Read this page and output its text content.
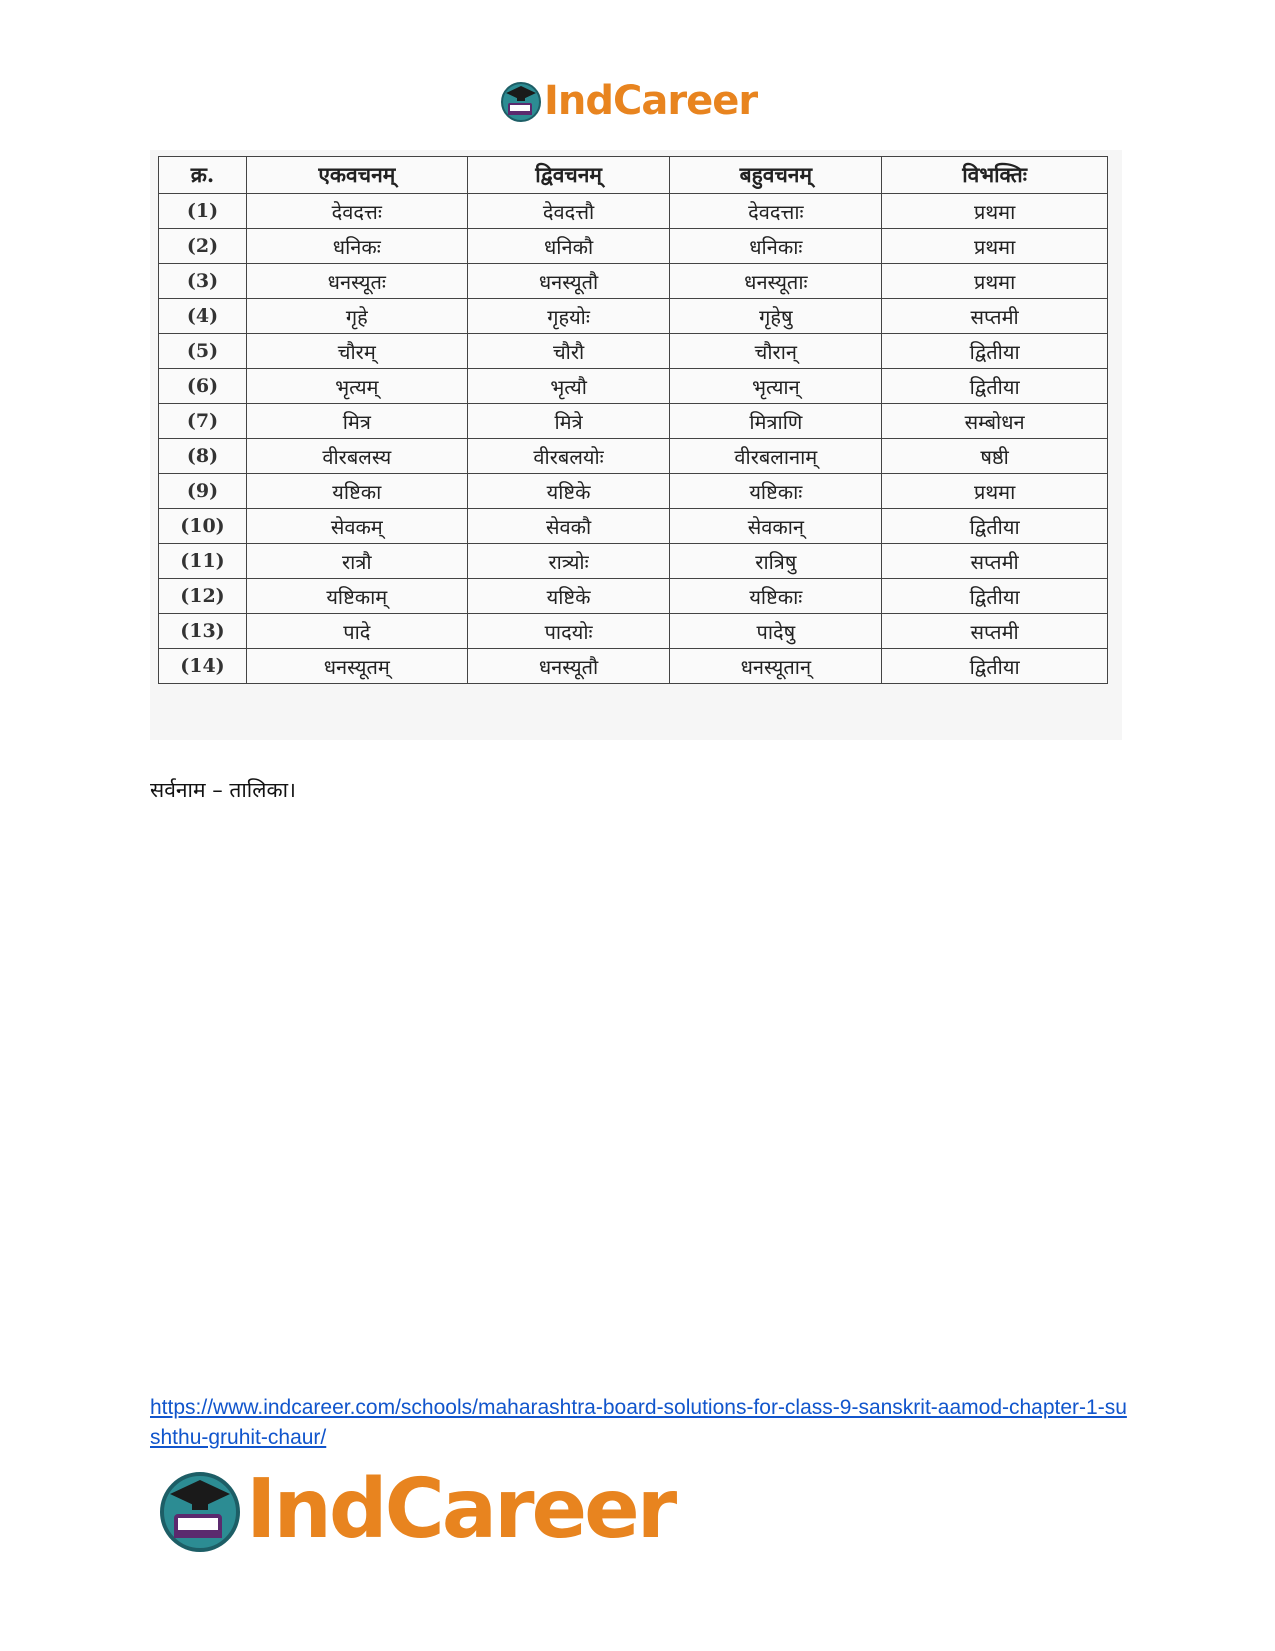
IndCareer
क्र.	एकवचनम्	द्विवचनम्	बहुवचनम्	विभक्तिः
(1)	देवदत्तः	देवदत्तौ	देवदत्ताः	प्रथमा
(2)	धनिकः	धनिकौ	धनिकाः	प्रथमा
(3)	धनस्यूतः	धनस्यूतौ	धनस्यूताः	प्रथमा
(4)	गृहे	गृहयोः	गृहेषु	सप्तमी
(5)	चौरम्	चौरौ	चौरान्	द्वितीया
(6)	भृत्यम्	भृत्यौ	भृत्यान्	द्वितीया
(7)	मित्र	मित्रे	मित्राणि	सम्बोधन
(8)	वीरबलस्य	वीरबलयोः	वीरबलानाम्	षष्ठी
(9)	यष्टिका	यष्टिके	यष्टिकाः	प्रथमा
(10)	सेवकम्	सेवकौ	सेवकान्	द्वितीया
(11)	रात्रौ	रात्र्योः	रात्रिषु	सप्तमी
(12)	यष्टिकाम्	यष्टिके	यष्टिकाः	द्वितीया
(13)	पादे	पादयोः	पादेषु	सप्तमी
(14)	धनस्यूतम्	धनस्यूतौ	धनस्यूतान्	द्वितीया
सर्वनाम – तालिका।
https://www.indcareer.com/schools/maharashtra-board-solutions-for-class-9-sanskrit-aamod-chapter-1-sushthu-gruhit-chaur/
IndCareer
